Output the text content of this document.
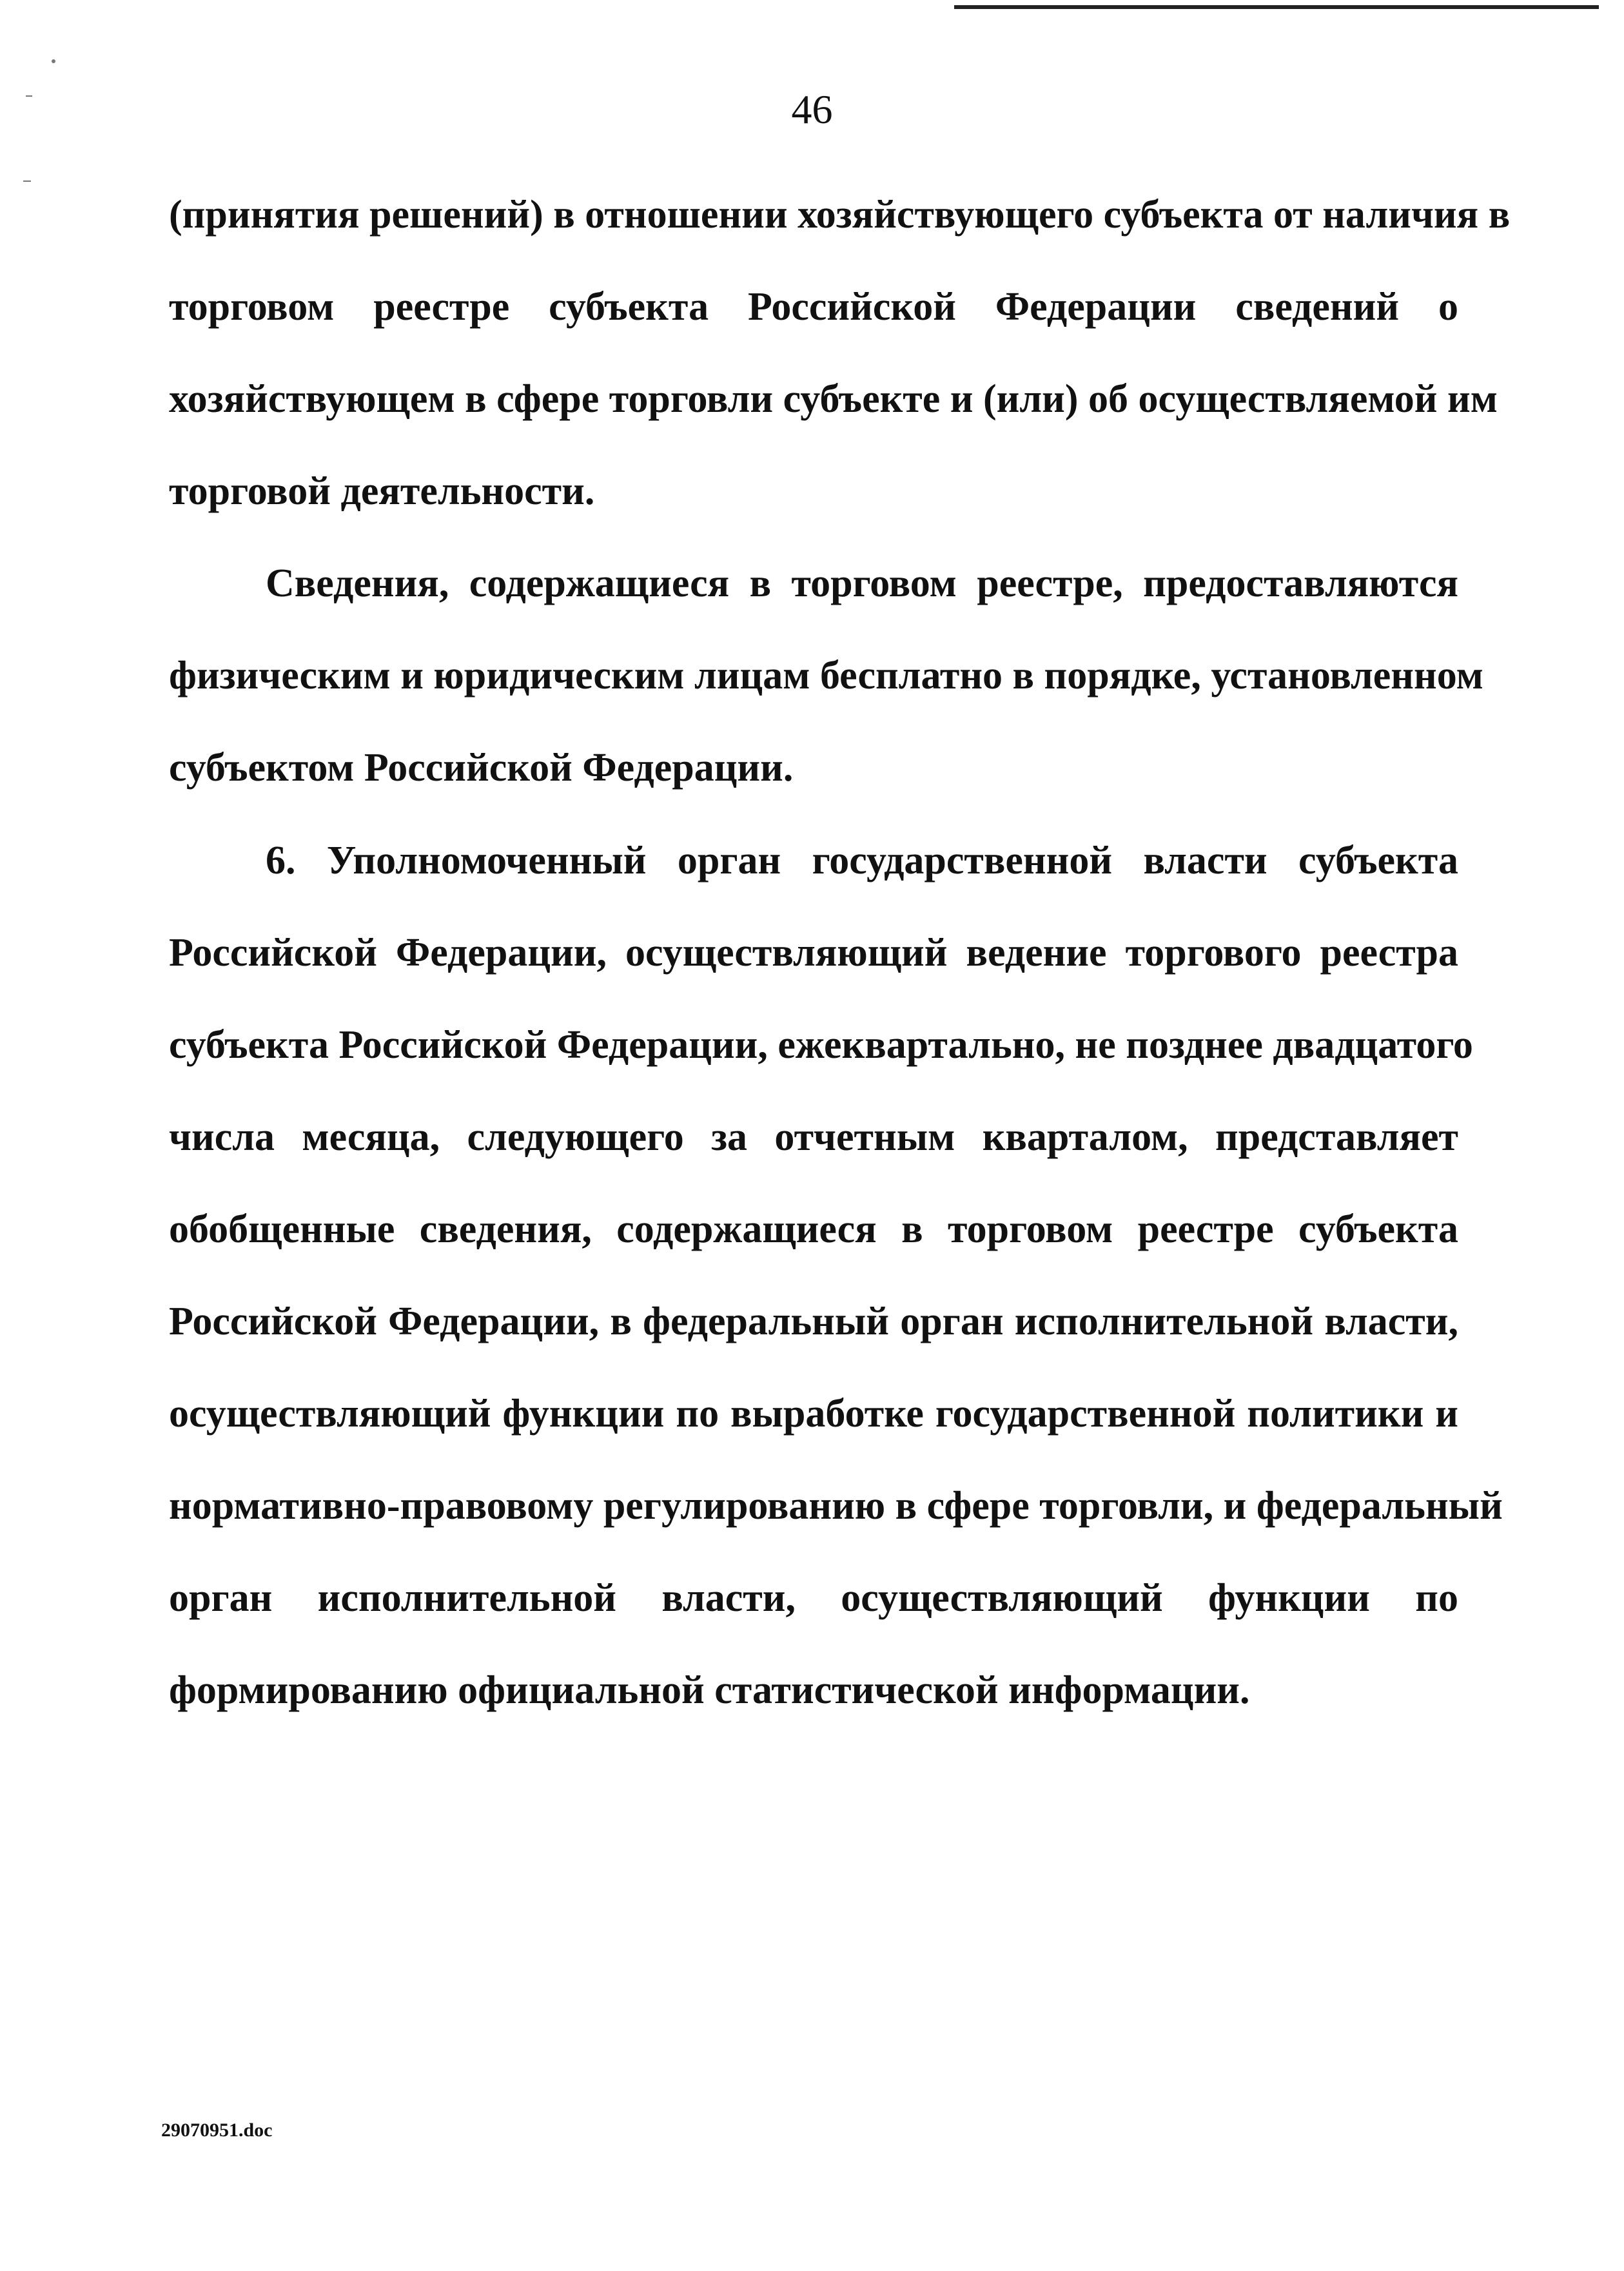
46
(принятия решений) в отношении хозяйствующего субъекта от наличия в
торговом реестре субъекта Российской Федерации сведений о
хозяйствующем в сфере торговли субъекте и (или) об осуществляемой им
торговой деятельности.
Сведения, содержащиеся в торговом реестре, предоставляются
физическим и юридическим лицам бесплатно в порядке, установленном
субъектом Российской Федерации.
6. Уполномоченный орган государственной власти субъекта
Российской Федерации, осуществляющий ведение торгового реестра
субъекта Российской Федерации, ежеквартально, не позднее двадцатого
числа месяца, следующего за отчетным кварталом, представляет
обобщенные сведения, содержащиеся в торговом реестре субъекта
Российской Федерации, в федеральный орган исполнительной власти,
осуществляющий функции по выработке государственной политики и
нормативно-правовому регулированию в сфере торговли, и федеральный
орган исполнительной власти, осуществляющий функции по
формированию официальной статистической информации.
29070951.doc
